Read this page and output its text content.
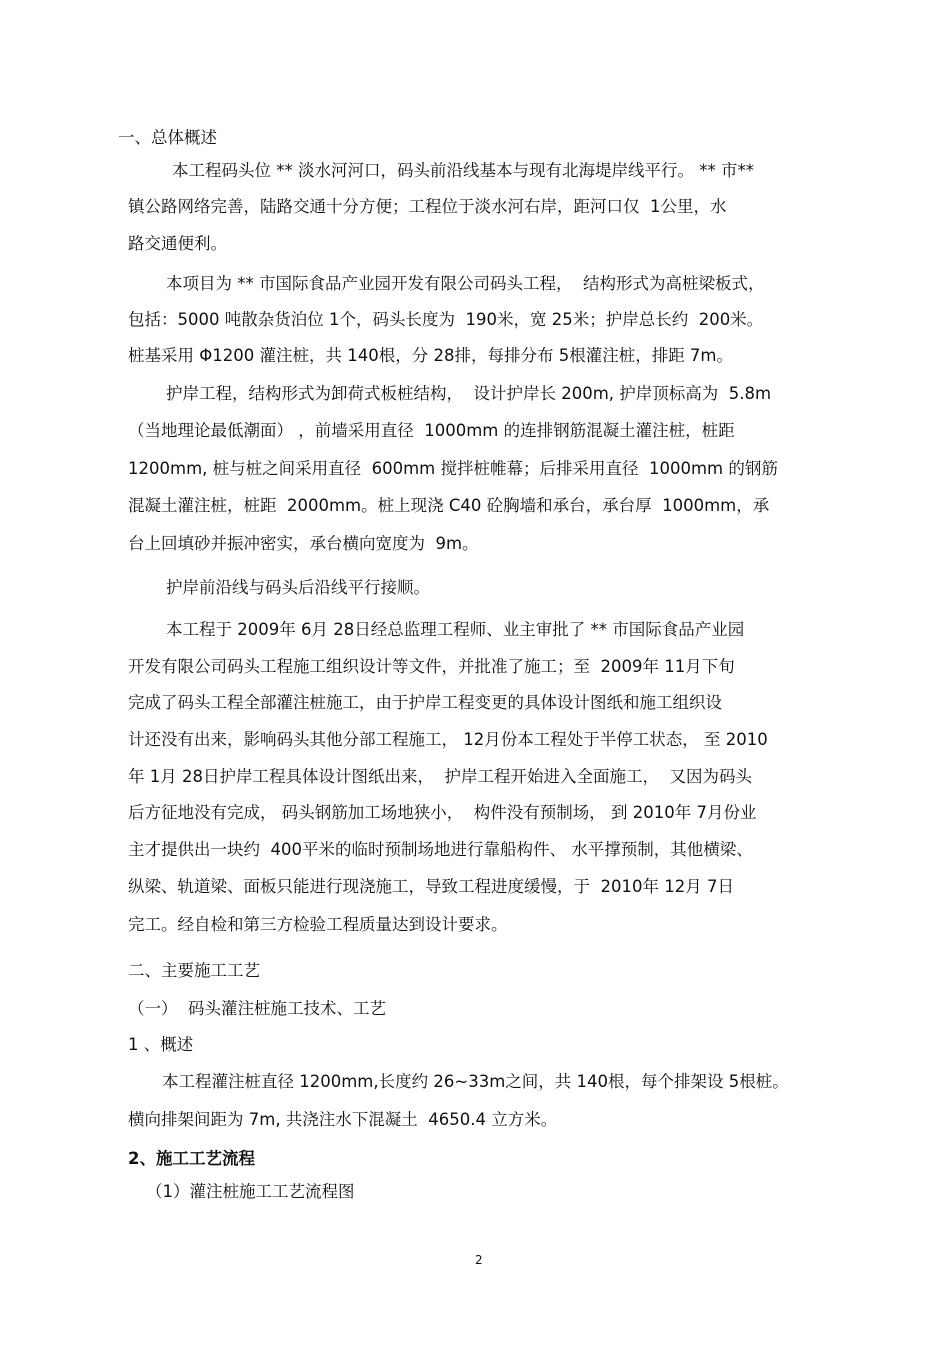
一、总体概述
本工程码头位 ** 淡水河河口，码头前沿线基本与现有北海堤岸线平行。 ** 市**
镇公路网络完善，陆路交通十分方便；工程位于淡水河右岸，距河口仅  1公里，水
路交通便利。
本项目为 ** 市国际食品产业园开发有限公司码头工程，  结构形式为高桩梁板式，
包括：5000 吨散杂货泊位 1个，码头长度为  190米，宽 25米；护岸总长约  200米。
桩基采用 Φ1200 灌注桩，共 140根，分 28排，每排分布 5根灌注桩，排距 7m。
护岸工程，结构形式为卸荷式板桩结构，  设计护岸长 200m, 护岸顶标高为  5.8m
（当地理论最低潮面） ，前墙采用直径  1000mm 的连排钢筋混凝土灌注桩，桩距
1200mm, 桩与桩之间采用直径  600mm 搅拌桩帷幕；后排采用直径  1000mm 的钢筋
混凝土灌注桩，桩距  2000mm。桩上现浇 C40 砼胸墙和承台，承台厚  1000mm，承
台上回填砂并振冲密实，承台横向宽度为  9m。
护岸前沿线与码头后沿线平行接顺。
本工程于 2009年 6月 28日经总监理工程师、业主审批了 ** 市国际食品产业园
开发有限公司码头工程施工组织设计等文件，并批准了施工；至  2009年 11月下旬
完成了码头工程全部灌注桩施工，由于护岸工程变更的具体设计图纸和施工组织设
计还没有出来，影响码头其他分部工程施工， 12月份本工程处于半停工状态， 至 2010
年 1月 28日护岸工程具体设计图纸出来，  护岸工程开始进入全面施工，  又因为码头
后方征地没有完成， 码头钢筋加工场地狭小，  构件没有预制场， 到 2010年 7月份业
主才提供出一块约  400平米的临时预制场地进行靠船构件、 水平撑预制，其他横梁、
纵梁、轨道梁、面板只能进行现浇施工，导致工程进度缓慢，于  2010年 12月 7日
完工。经自检和第三方检验工程质量达到设计要求。
二、主要施工工艺
（一）  码头灌注桩施工技术、工艺
1 、概述
本工程灌注桩直径 1200mm,长度约 26~33m之间，共 140根，每个排架设 5根桩。
横向排架间距为 7m, 共浇注水下混凝土  4650.4 立方米。
2、施工工艺流程
（1）灌注桩施工工艺流程图
2
